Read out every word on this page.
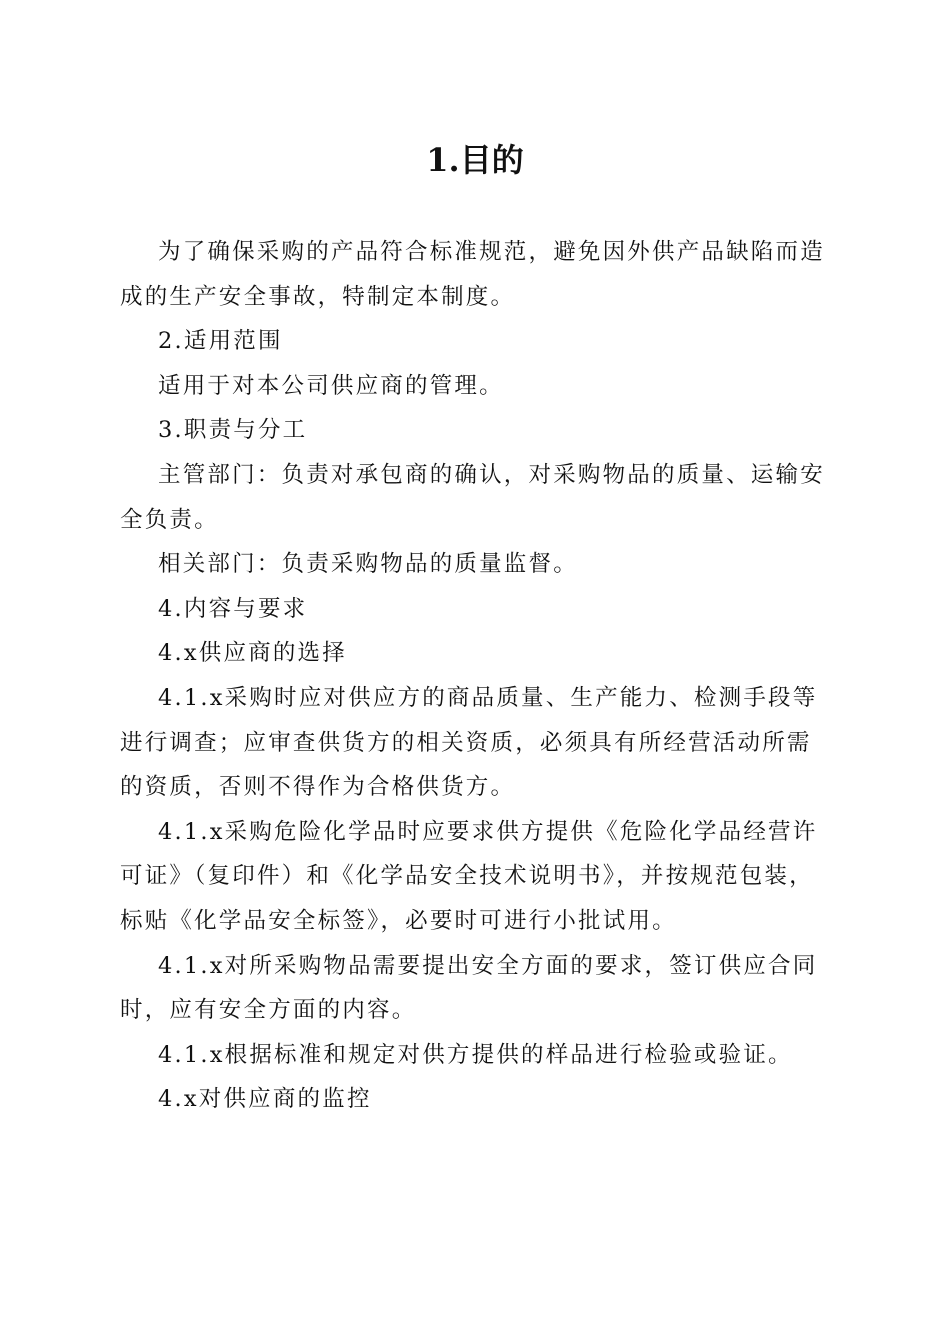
1.目的

为了确保采购的产品符合标准规范，避免因外供产品缺陷而造成的生产安全事故，特制定本制度。

2.适用范围

适用于对本公司供应商的管理。

3.职责与分工

主管部门：负责对承包商的确认，对采购物品的质量、运输安全负责。

相关部门：负责采购物品的质量监督。

4.内容与要求

4.x供应商的选择

4.1.x采购时应对供应方的商品质量、生产能力、检测手段等进行调查；应审查供货方的相关资质，必须具有所经营活动所需的资质，否则不得作为合格供货方。

4.1.x采购危险化学品时应要求供方提供《危险化学品经营许可证》（复印件）和《化学品安全技术说明书》，并按规范包装，标贴《化学品安全标签》，必要时可进行小批试用。

4.1.x对所采购物品需要提出安全方面的要求，签订供应合同时，应有安全方面的内容。

4.1.x根据标准和规定对供方提供的样品进行检验或验证。

4.x对供应商的监控
